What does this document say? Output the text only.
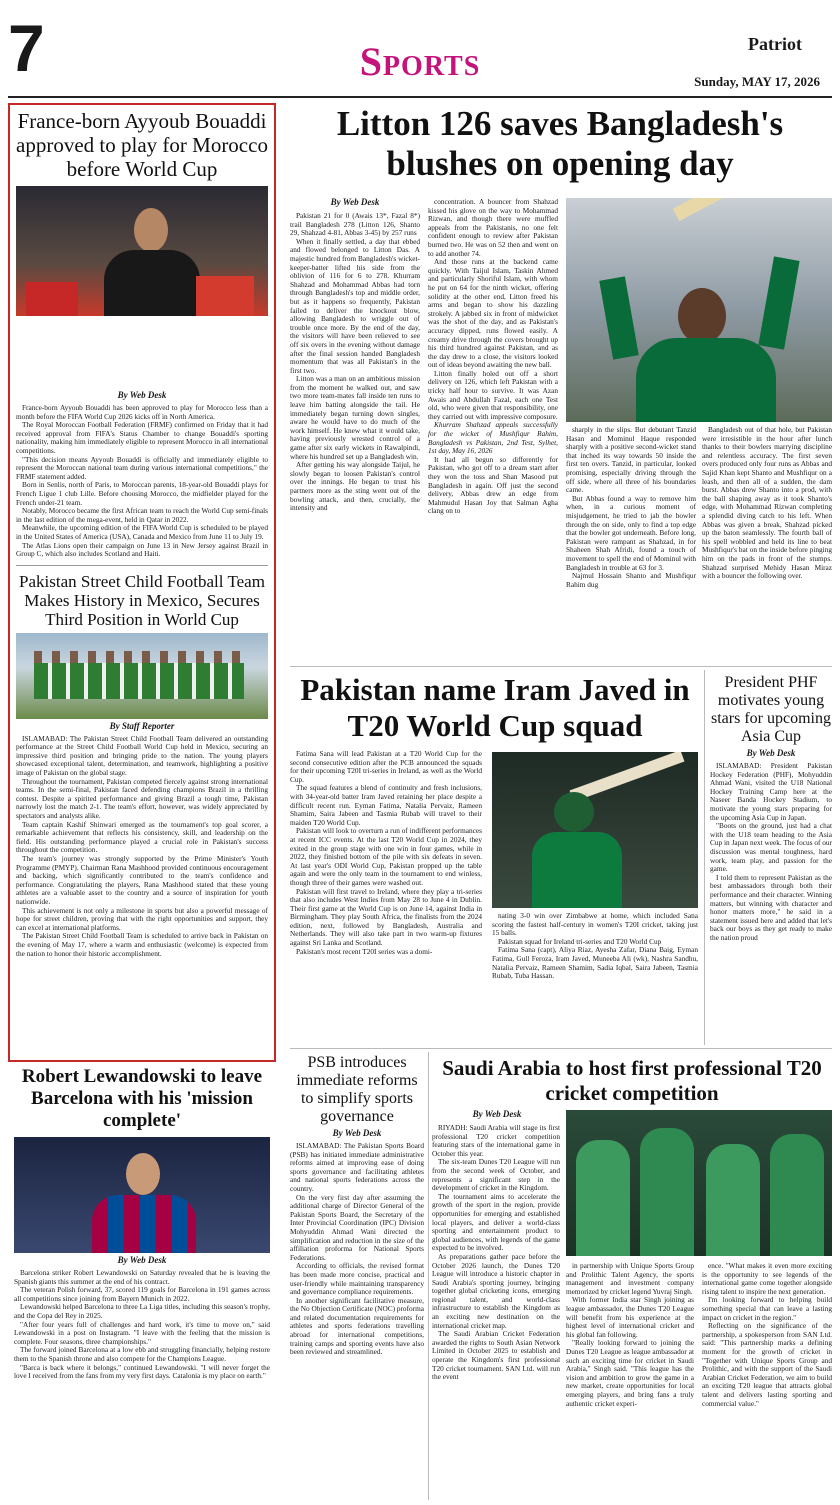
7	Sports	Patriot
Sunday, MAY 17, 2026
France-born Ayyoub Bouaddi approved to play for Morocco before World Cup
By Web Desk

France-born Ayyoub Bouaddi has been approved to play for Morocco less than a month before the FIFA World Cup 2026 kicks off in North America.

The Royal Moroccan Football Federation (FRMF) confirmed on Friday that it had received approval from FIFA's Status Chamber to change Bouaddi's sporting nationality, making him immediately eligible to represent Morocco in all international competitions.

"This decision means Ayyoub Bouaddi is officially and immediately eligible to represent the Moroccan national team during various international competitions," the FRMF statement added.

Born in Senlis, north of Paris, to Moroccan parents, 18-year-old Bouaddi plays for French Ligue 1 club Lille. Before choosing Morocco, the midfielder played for the French under-21 team.

Notably, Morocco became the first African team to reach the World Cup semi-finals in the last edition of the mega-event, held in Qatar in 2022.

Meanwhile, the upcoming edition of the FIFA World Cup is scheduled to be played in the United States of America (USA), Canada and Mexico from June 11 to July 19.

The Atlas Lions open their campaign on June 13 in New Jersey against Brazil in Group C, which also includes Scotland and Haiti.

Pakistan Street Child Football Team Makes History in Mexico, Secures Third Position in World Cup
By Staff Reporter

ISLAMABAD: The Pakistan Street Child Football Team delivered an outstanding performance at the Street Child Football World Cup held in Mexico, securing an impressive third position and bringing pride to the nation. The young players showcased exceptional talent, determination, and teamwork, highlighting a positive image of Pakistan on the global stage.

Throughout the tournament, Pakistan competed fiercely against strong international teams. In the semi-final, Pakistan faced defending champions Brazil in a thrilling contest. Despite a spirited performance and giving Brazil a tough time, Pakistan narrowly lost the match 2-1. The team's effort, however, was widely appreciated by spectators and analysts alike.

Team captain Kashif Shinwari emerged as the tournament's top goal scorer, a remarkable achievement that reflects his consistency, skill, and leadership on the field. His outstanding performance played a crucial role in Pakistan's success throughout the competition.

The team's journey was strongly supported by the Prime Minister's Youth Programme (PMYP). Chairman Rana Mashhood provided continuous encouragement and backing, which significantly contributed to the team's confidence and performance. Congratulating the players, Rana Mashhood stated that these young athletes are a valuable asset to the country and a source of inspiration for youth nationwide.

This achievement is not only a milestone in sports but also a powerful message of hope for street children, proving that with the right opportunities and support, they can excel at international platforms.

The Pakistan Street Child Football Team is scheduled to arrive back in Pakistan on the evening of May 17, where a warm and enthusiastic (welcome) is expected from the nation to honor their historic accomplishment.

Robert Lewandowski to leave Barcelona with his 'mission complete'
By Web Desk

Barcelona striker Robert Lewandowski on Saturday revealed that he is leaving the Spanish giants this summer at the end of his contract.

The veteran Polish forward, 37, scored 119 goals for Barcelona in 191 games across all competitions since joining from Bayern Munich in 2022.

Lewandowski helped Barcelona to three La Liga titles, including this season's trophy, and the Copa del Rey in 2025.

"After four years full of challenges and hard work, it's time to move on," said Lewandowski in a post on Instagram. "I leave with the feeling that the mission is complete. Four seasons, three championships."

The forward joined Barcelona at a low ebb and struggling financially, helping restore them to the Spanish throne and also compete for the Champions League.

"Barca is back where it belongs," continued Lewandowski. "I will never forget the love I received from the fans from my very first days. Catalonia is my place on earth."

Litton 126 saves Bangladesh's blushes on opening day
By Web Desk

Pakistan 21 for 0 (Awais 13*, Fazal 8*) trail Bangladesh 278 (Litton 126, Shanto 29, Shahzad 4-81, Abbas 3-45) by 257 runs

When it finally settled, a day that ebbed and flowed belonged to Litton Das. A majestic hundred from Bangladesh's wicket-keeper-batter lifted his side from the oblivion of 116 for 6 to 278. Khurram Shahzad and Mohammad Abbas had torn through Bangladesh's top and middle order, but as it happens so frequently, Pakistan failed to deliver the knockout blow, allowing Bangladesh to wriggle out of trouble once more. By the end of the day, the visitors will have been relieved to see off six overs in the evening without damage after the final session handed Bangladesh momentum that was all Pakistan's in the first two.

Litton was a man on an ambitious mission from the moment he walked out, and saw two more team-mates fall inside ten runs to leave him batting alongside the tail. He immediately began turning down singles, aware he would have to do much of the work himself. He knew what it would take, having previously wrested control of a game after six early wickets in Rawalpindi, where his hundred set up a Bangladesh win.

After getting his way alongside Taijul, he slowly began to loosen Pakistan's control over the innings. He began to trust his partners more as the sting went out of the bowling attack, and then, crucially, the intensity and

concentration. A bouncer from Shahzad kissed his glove on the way to Mohammad Rizwan, and though there were muffled appeals from the Pakistanis, no one felt confident enough to review after Pakistan burned two. He was on 52 then and went on to add another 74.

And those runs at the backend came quickly. With Taijul Islam, Taskin Ahmed and particularly Shoriful Islam, with whom he put on 64 for the ninth wicket, offering solidity at the other end, Litton freed his arms and began to show his dazzling strokely. A jabbed six in front of midwicket was the shot of the day, and as Pakistan's accuracy dipped, runs flowed easily. A creamy drive through the covers brought up his third hundred against Pakistan, and as the day drew to a close, the visitors looked out of ideas beyond awaiting the new ball.

Litton finally holed out off a short delivery on 126, which left Pakistan with a tricky half hour to survive. It was Azan Awais and Abdullah Fazal, each one Test old, who were given that responsibility, one they carried out with impressive composure.

Khurram Shahzad appeals successfully for the wicket of Mushfiqur Rahim, Bangladesh vs Pakistan, 2nd Test, Sylhet, 1st day, May 16, 2026

It had all begun so differently for Pakistan, who got off to a dream start after they won the toss and Shan Masood put Bangladesh in again. Off just the second delivery, Abbas drew an edge from Mahmudul Hasan Joy that Salman Agha clang on to

sharply in the slips. But debutant Tanzid Hasan and Mominul Haque responded sharply with a positive second-wicket stand that inched its way towards 50 inside the first ten overs. Tanzid, in particular, looked promising, especially driving through the off side, where all three of his boundaries came.

But Abbas found a way to remove him when, in a curious moment of misjudgement, he tried to jab the bowler through the on side, only to find a top edge that the bowler got underneath. Before long, Pakistan were rampant as Shahzad, in for Shaheen Shah Afridi, found a touch of movement to spell the end of Mominul with Bangladesh in trouble at 63 for 3.

Najmul Hossain Shanto and Mushfiqur Rahim dug

Bangladesh out of that hole, but Pakistan were irresistible in the hour after lunch thanks to their bowlers marrying discipline and relentless accuracy. The first seven overs produced only four runs as Abbas and Sajid Khan kept Shanto and Mushfiqur on a leash, and then all of a sudden, the dam burst. Abbas drew Shanto into a prod, with the ball shaping away as it took Shanto's edge, with Mohammad Rizwan completing a splendid diving catch to his left. When Abbas was given a break, Shahzad picked up the baton seamlessly. The fourth ball of his spell wobbled and held its line to beat Mushfiqur's bat on the inside before pinging him on the pads in front of the stumps. Shahzad surprised Mehidy Hasan Miraz with a bouncer the following over.

Pakistan name Iram Javed in T20 World Cup squad

Fatima Sana will lead Pakistan at a T20 World Cup for the second consecutive edition after the PCB announced the squads for their upcoming T20I tri-series in Ireland, as well as the World Cup.

The squad features a blend of continuity and fresh inclusions, with 34-year-old batter Iram Javed retaining her place despite a difficult recent run. Eyman Fatima, Natalia Pervaiz, Rameen Shamim, Saira Jabeen and Tasmia Rubab will travel to their maiden T20 World Cup.

Pakistan will look to overturn a run of indifferent performances at recent ICC events. At the last T20 World Cup in 2024, they exited in the group stage with one win in four games, while in 2022, they finished bottom of the pile with six defeats in seven. At last year's ODI World Cup, Pakistan propped up the table again and were the only team in the tournament to end winless, though three of their games were washed out.

Pakistan will first travel to Ireland, where they play a tri-series that also includes West Indies from May 28 to June 4 in Dublin. Their first game at the World Cup is on June 14, against India in Birmingham. They play South Africa, the finalists from the 2024 edition, next, followed by Bangladesh, Australia and Netherlands. They will also take part in two warm-up fixtures against Sri Lanka and Scotland.

Pakistan's most recent T20I series was a domi-

nating 3-0 win over Zimbabwe at home, which included Sana scoring the fastest half-century in women's T20I cricket, taking just 15 balls.

Pakistan squad for Ireland tri-series and T20 World Cup

Fatima Sana (capt), Aliya Riaz, Ayesha Zafar, Diana Baig, Eyman Fatima, Gull Feroza, Iram Javed, Muneeba Ali (wk), Nashra Sandhu, Natalia Pervaiz, Rameen Shamim, Sadia Iqbal, Saira Jabeen, Tasmia Rubab, Tuba Hassan.

President PHF motivates young stars for upcoming Asia Cup
By Web Desk

ISLAMABAD: President Pakistan Hockey Federation (PHF), Mohyuddin Ahmad Wani, visited the U18 National Hockey Training Camp here at the Naseer Banda Hockey Stadium, to motivate the young stars preparing for the upcoming Asia Cup in Japan.

"Boots on the ground, just had a chat with the U18 team heading to the Asia Cup in Japan next week. The focus of our discussion was mental toughness, hard work, team play, and passion for the game.

I told them to represent Pakistan as the best ambassadors through both their performance and their character. Winning matters, but winning with character and honor matters more," he said in a statement issued here and added that let's back our boys as they get ready to make the nation proud

PSB introduces immediate reforms to simplify sports governance
By Web Desk

ISLAMABAD: The Pakistan Sports Board (PSB) has initiated immediate administrative reforms aimed at improving ease of doing sports governance and facilitating athletes and national sports federations across the country.

On the very first day after assuming the additional charge of Director General of the Pakistan Sports Board, the Secretary of the Inter Provincial Coordination (IPC) Division Mohyuddin Ahmad Wani directed the simplification and reduction in the size of the affiliation proforma for National Sports Federations.

According to officials, the revised format has been made more concise, practical and user-friendly while maintaining transparency and governance compliance requirements.

In another significant facilitative measure, the No Objection Certificate (NOC) proforma and related documentation requirements for athletes and sports federations travelling abroad for international competitions, training camps and sporting events have also been reviewed and streamlined.

Saudi Arabia to host first professional T20 cricket competition
By Web Desk

RIYADH: Saudi Arabia will stage its first professional T20 cricket competition featuring stars of the international game in October this year.

The six-team Dunes T20 League will run from the second week of October, and represents a significant step in the development of cricket in the Kingdom.

The tournament aims to accelerate the growth of the sport in the region, provide opportunities for emerging and established local players, and deliver a world-class sporting and entertainment product to global audiences, with legends of the game expected to be involved.

As preparations gather pace before the October 2026 launch, the Dunes T20 League will introduce a historic chapter in Saudi Arabia's sporting journey, bringing together global cricketing icons, emerging regional talent, and world-class infrastructure to establish the Kingdom as an exciting new destination on the international cricket map.

The Saudi Arabian Cricket Federation awarded the rights to South Asian Network Limited in October 2025 to establish and operate the Kingdom's first professional T20 cricket tournament. SAN Ltd. will run the event

in partnership with Unique Sports Group and Prolithic Talent Agency, the sports management and investment company memorized by cricket legend Yuvraj Singh.

With former India star Singh joining as league ambassador, the Dunes T20 League will benefit from his experience at the highest level of international cricket and his global fan following.

"Really looking forward to joining the Dunes T20 League as league ambassador at such an exciting time for cricket in Saudi Arabia," Singh said. "This league has the vision and ambition to grow the game in a new market, create opportunities for local emerging players, and bring fans a truly authentic cricket experi-

ence. "What makes it even more exciting is the opportunity to see legends of the international game come together alongside rising talent to inspire the next generation.

I'm looking forward to helping build something special that can leave a lasting impact on cricket in the region."

Reflecting on the significance of the partnership, a spokesperson from SAN Ltd. said: "This partnership marks a defining moment for the growth of cricket in "Together with Unique Sports Group and Prolithic, and with the support of the Saudi Arabian Cricket Federation, we aim to build an exciting T20 league that attracts global talent and delivers lasting sporting and commercial value."
